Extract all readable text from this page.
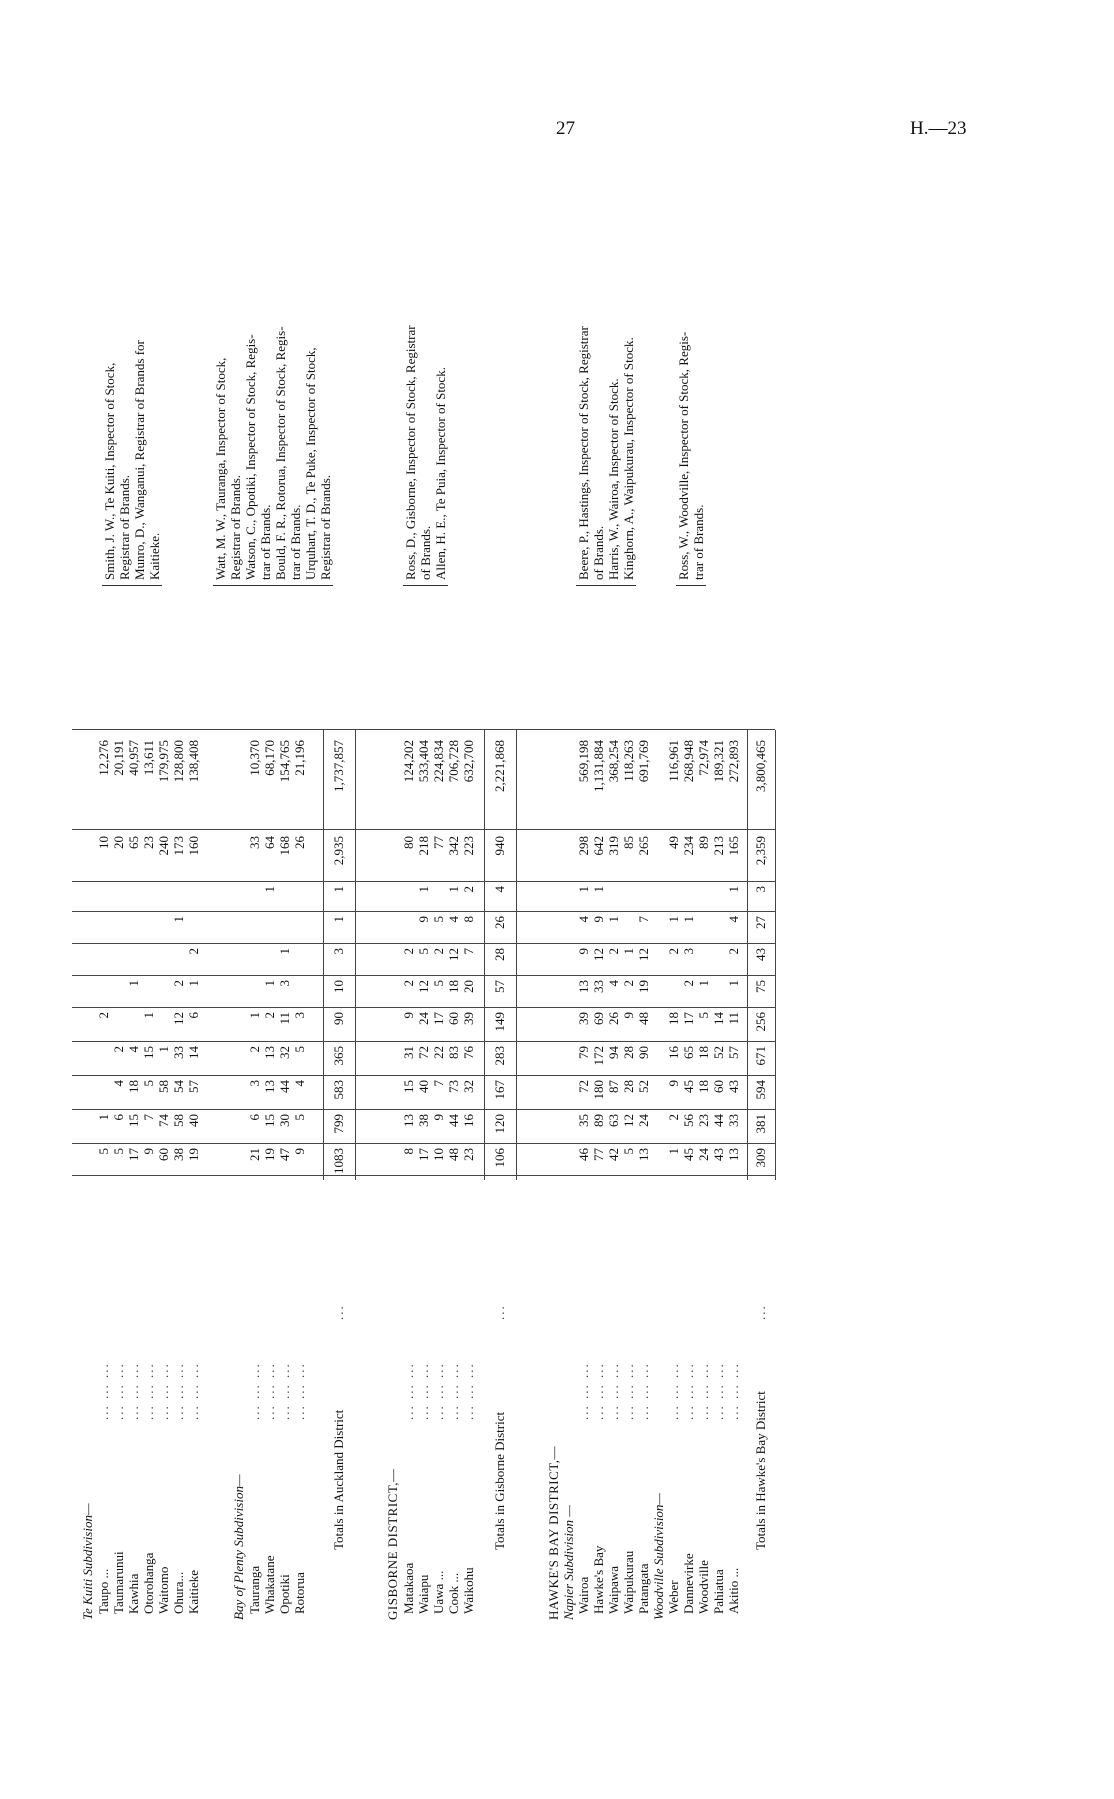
27	H.—23
Te Kuiti Subdivision— Taupo ...
... ... ...
5
1
2
10
12,276
Taumarunui
... ... ...
5
6
4
2
20
20,191
Kawhia
... ... ...
17
15
18
4
1
65
40,957
Otorohanga
... ... ...
9
7
5
15
1
23
13,611
Waitomo
... ... ...
60
74
58
1
240
179,975
Ohura...
... ... ...
38
58
54
33
12
2
1
173
128,800
Kaitieke
... ... ...
19
40
57
14
6
1
2
160
138,408
Smith, J. W., Te Kuiti, Inspector of Stock, Registrar of Brands. Munro, D., Wanganui, Registrar of Brands for Kaitieke.
Bay of Plenty Subdivision— Tauranga
... ... ...
21
6
3
2
1
33
10,370
Whakatane
... ... ...
19
15
13
13
2
1
1
64
68,170
Opotiki
... ... ...
47
30
44
32
11
3
1
168
154,765
Rotorua
... ... ...
9
5
4
5
3
26
21,196
Watt, M. W., Tauranga, Inspector of Stock, Registrar of Brands. Watson, C., Opotiki, Inspector of Stock, Regis- trar of Brands. Bould, F. R., Rotorua, Inspector of Stock, Regis- trar of Brands. Urquhart, T. D., Te Puke, Inspector of Stock, Registrar of Brands.
Totals in Auckland District
...
1083
799
583
365
90
10
3
1
1
2,935
1,737,857
GISBORNE DISTRICT,— Matakaoa
... ... ...
8
13
15
31
9
2
2
80
124,202
Waiapu
... ... ...
17
38
40
72
24
12
5
9
1
218
533,404
Uawa ...
... ... ...
10
9
7
22
17
5
2
5
77
224,834
Cook ...
... ... ...
48
44
73
83
60
18
12
4
1
342
706,728
Waikohu
... ... ...
23
16
32
76
39
20
7
8
2
223
632,700
Ross, D., Gisborne, Inspector of Stock, Registrar of Brands. Allen, H. E., Te Puia, Inspector of Stock.
Totals in Gisborne District
...
106
120
167
283
149
57
28
26
4
940
2,221,868
HAWKE'S BAY DISTRICT,— Napier Subdivision — Wairoa
... ... ...
46
35
72
79
39
13
9
4
1
298
569,198
Hawke's Bay
... ... ...
77
89
180
172
69
33
12
9
1
642
1,131,884
Waipawa
... ... ...
42
63
87
94
26
4
2
1
319
368,254
Waipukurau
... ... ...
5
12
28
28
9
2
1
85
118,263
Patangata
... ... ...
13
24
52
90
48
19
12
7
265
691,769
Woodville Subdivision— Weber
... ... ...
1
2
9
16
18
2
1
49
116,961
Dannevirke
... ... ...
45
56
45
65
17
2
3
1
234
268,948
Woodville
... ... ...
24
23
18
18
5
1
89
72,974
Pahiatua
... ... ...
43
44
60
52
14
213
189,321
Akitio ...
... ... ...
13
33
43
57
11
1
2
4
1
165
272,893
Beere, P., Hastings, Inspector of Stock, Registrar of Brands. Harris, W., Wairoa, Inspector of Stock. Kinghorn, A., Waipukurau, Inspector of Stock.	Ross, W., Woodville, Inspector of Stock, Regis- trar of Brands.
Totals in Hawke's Bay District
...
309
381
594
671
256
75
43
27
3
2,359
3,800,465
